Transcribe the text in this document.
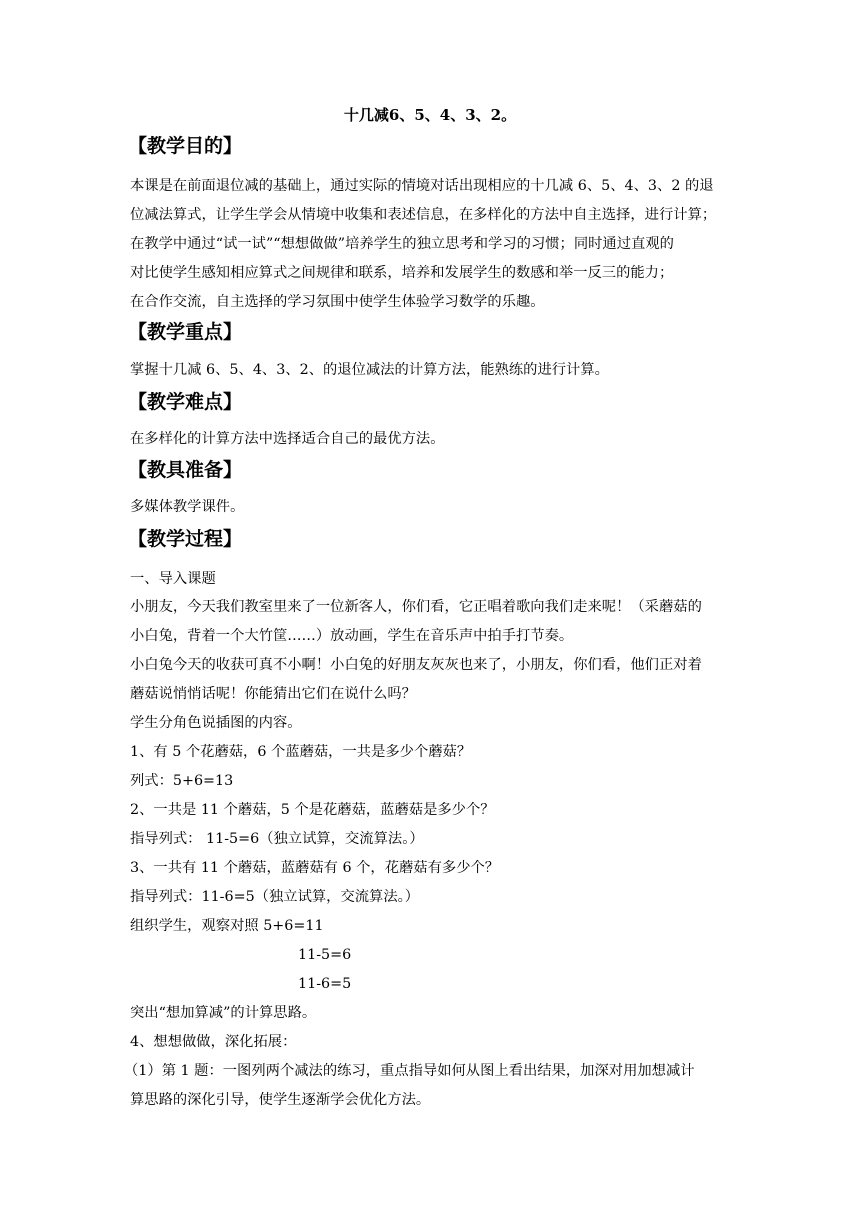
十几减6、5、4、3、2。
【教学目的】
本课是在前面退位减的基础上，通过实际的情境对话出现相应的十几减 6、5、4、3、2 的退
位减法算式，让学生学会从情境中收集和表述信息，在多样化的方法中自主选择，进行计算；
在教学中通过“试一试”“想想做做”培养学生的独立思考和学习的习惯；同时通过直观的
对比使学生感知相应算式之间规律和联系，培养和发展学生的数感和举一反三的能力；
在合作交流，自主选择的学习氛围中使学生体验学习数学的乐趣。
【教学重点】
掌握十几减 6、5、4、3、2、的退位减法的计算方法，能熟练的进行计算。
【教学难点】
在多样化的计算方法中选择适合自己的最优方法。
【教具准备】
多媒体教学课件。
【教学过程】
一、导入课题
小朋友，今天我们教室里来了一位新客人，你们看，它正唱着歌向我们走来呢！（采蘑菇的
小白兔，背着一个大竹筐……）放动画，学生在音乐声中拍手打节奏。
小白兔今天的收获可真不小啊！小白兔的好朋友灰灰也来了，小朋友，你们看，他们正对着
蘑菇说悄悄话呢！你能猜出它们在说什么吗？
学生分角色说插图的内容。
1、有 5 个花蘑菇，6 个蓝蘑菇，一共是多少个蘑菇？
列式：5+6=13
2、一共是 11 个蘑菇，5 个是花蘑菇，蓝蘑菇是多少个？
指导列式： 11-5=6（独立试算，交流算法。）
3、一共有 11 个蘑菇，蓝蘑菇有 6 个，花蘑菇有多少个？
指导列式：11-6=5（独立试算，交流算法。）
组织学生，观察对照 5+6=11
11-5=6
11-6=5
突出“想加算减”的计算思路。
4、想想做做，深化拓展：
（1）第 1 题：一图列两个减法的练习，重点指导如何从图上看出结果，加深对用加想减计
算思路的深化引导，使学生逐渐学会优化方法。
